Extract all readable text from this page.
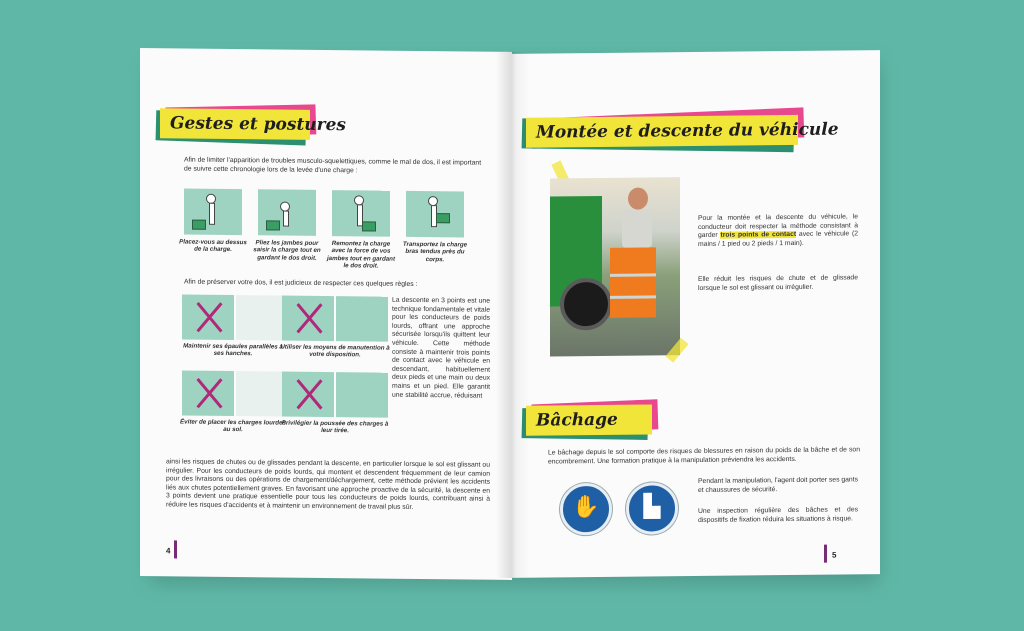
Gestes et postures

Afin de limiter l'apparition de troubles musculo-squelettiques, comme le mal de dos, il est important de suivre cette chronologie lors de la levée d'une charge :

Placez-vous au dessus de la charge.
Pliez les jambes pour saisir la charge tout en gardant le dos droit.
Remontez la charge avec la force de vos jambes tout en gardant le dos droit.
Transportez la charge bras tendus près du corps.

Afin de préserver votre dos, il est judicieux de respecter ces quelques règles :

Maintenir ses épaules parallèles à ses hanches.
Utiliser les moyens de manutention à votre disposition.
Éviter de placer les charges lourdes au sol.
Privilégier la poussée des charges à leur tirée.

La descente en 3 points est une technique fondamentale et vitale pour les conducteurs de poids lourds, offrant une approche sécurisée lorsqu'ils quittent leur véhicule. Cette méthode consiste à maintenir trois points de contact avec le véhicule en descendant, habituellement deux pieds et une main ou deux mains et un pied. Elle garantit une stabilité accrue, réduisant

ainsi les risques de chutes ou de glissades pendant la descente, en particulier lorsque le sol est glissant ou irrégulier. Pour les conducteurs de poids lourds, qui montent et descendent fréquemment de leur camion pour des livraisons ou des opérations de chargement/déchargement, cette méthode prévient les accidents liés aux chutes potentiellement graves. En favorisant une approche proactive de la sécurité, la descente en 3 points devient une pratique essentielle pour tous les conducteurs de poids lourds, contribuant ainsi à réduire les risques d'accidents et à maintenir un environnement de travail plus sûr.

4
Montée et descente du véhicule

Pour la montée et la descente du véhicule, le conducteur doit respecter la méthode consistant à garder trois points de contact avec le véhicule (2 mains / 1 pied ou 2 pieds / 1 main).

Elle réduit les risques de chute et de glissade lorsque le sol est glissant ou irrégulier.

Bâchage

Le bâchage depuis le sol comporte des risques de blessures en raison du poids de la bâche et de son encombrement. Une formation pratique à la manipulation préviendra les accidents.

✋	▙

Pendant la manipulation, l'agent doit porter ses gants et chaussures de sécurité.

Une inspection régulière des bâches et des dispositifs de fixation réduira les situations à risque.

5
